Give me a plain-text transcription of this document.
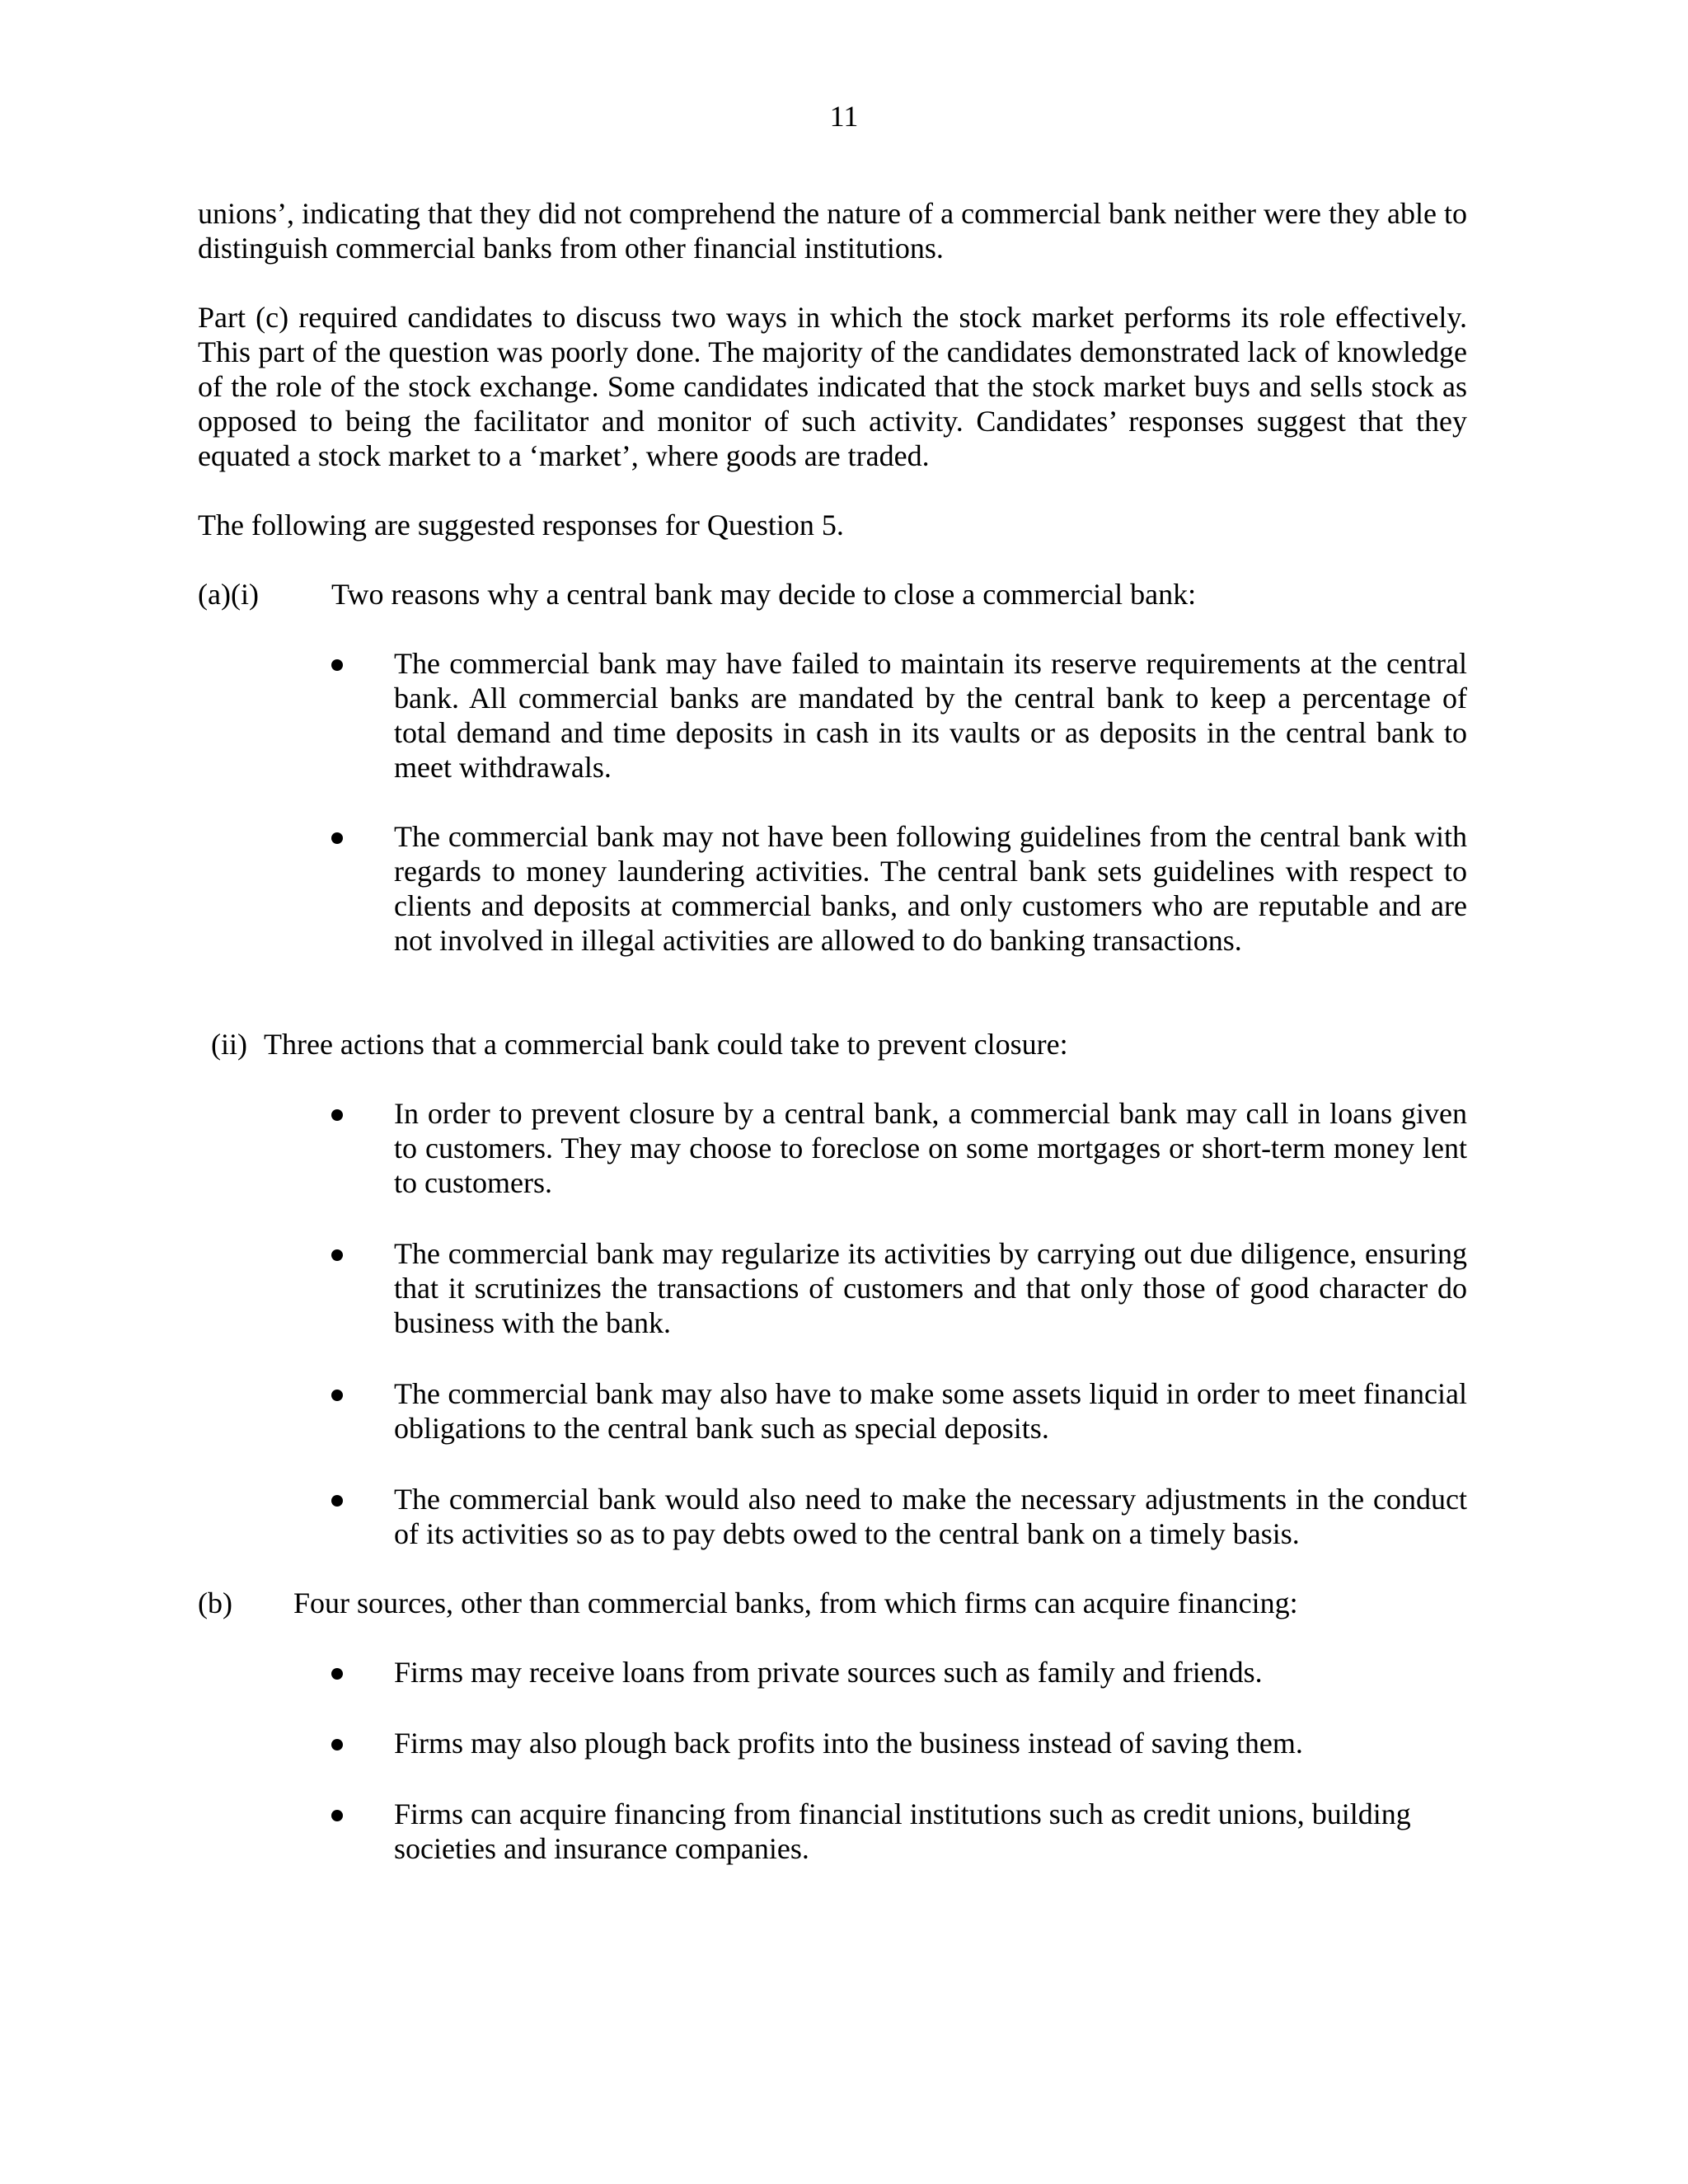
11

unions’, indicating that they did not comprehend the nature of a commercial bank neither were they able to distinguish commercial banks from other financial institutions.

Part (c) required candidates to discuss two ways in which the stock market performs its role effectively. This part of the question was poorly done. The majority of the candidates demonstrated lack of knowledge of the role of the stock exchange. Some candidates indicated that the stock market buys and sells stock as opposed to being the facilitator and monitor of such activity. Candidates’ responses suggest that they equated a stock market to a ‘market’, where goods are traded.

The following are suggested responses for Question 5.

(a)(i) Two reasons why a central bank may decide to close a commercial bank:

The commercial bank may have failed to maintain its reserve requirements at the central bank. All commercial banks are mandated by the central bank to keep a percentage of total demand and time deposits in cash in its vaults or as deposits in the central bank to meet withdrawals.

The commercial bank may not have been following guidelines from the central bank with regards to money laundering activities. The central bank sets guidelines with respect to clients and deposits at commercial banks, and only customers who are reputable and are not involved in illegal activities are allowed to do banking transactions.

(ii) Three actions that a commercial bank could take to prevent closure:

In order to prevent closure by a central bank, a commercial bank may call in loans given to customers. They may choose to foreclose on some mortgages or short-term money lent to customers.

The commercial bank may regularize its activities by carrying out due diligence, ensuring that it scrutinizes the transactions of customers and that only those of good character do business with the bank.

The commercial bank may also have to make some assets liquid in order to meet financial obligations to the central bank such as special deposits.

The commercial bank would also need to make the necessary adjustments in the conduct of its activities so as to pay debts owed to the central bank on a timely basis.

(b) Four sources, other than commercial banks, from which firms can acquire financing:

Firms may receive loans from private sources such as family and friends.

Firms may also plough back profits into the business instead of saving them.

Firms can acquire financing from financial institutions such as credit unions, building societies and insurance companies.
